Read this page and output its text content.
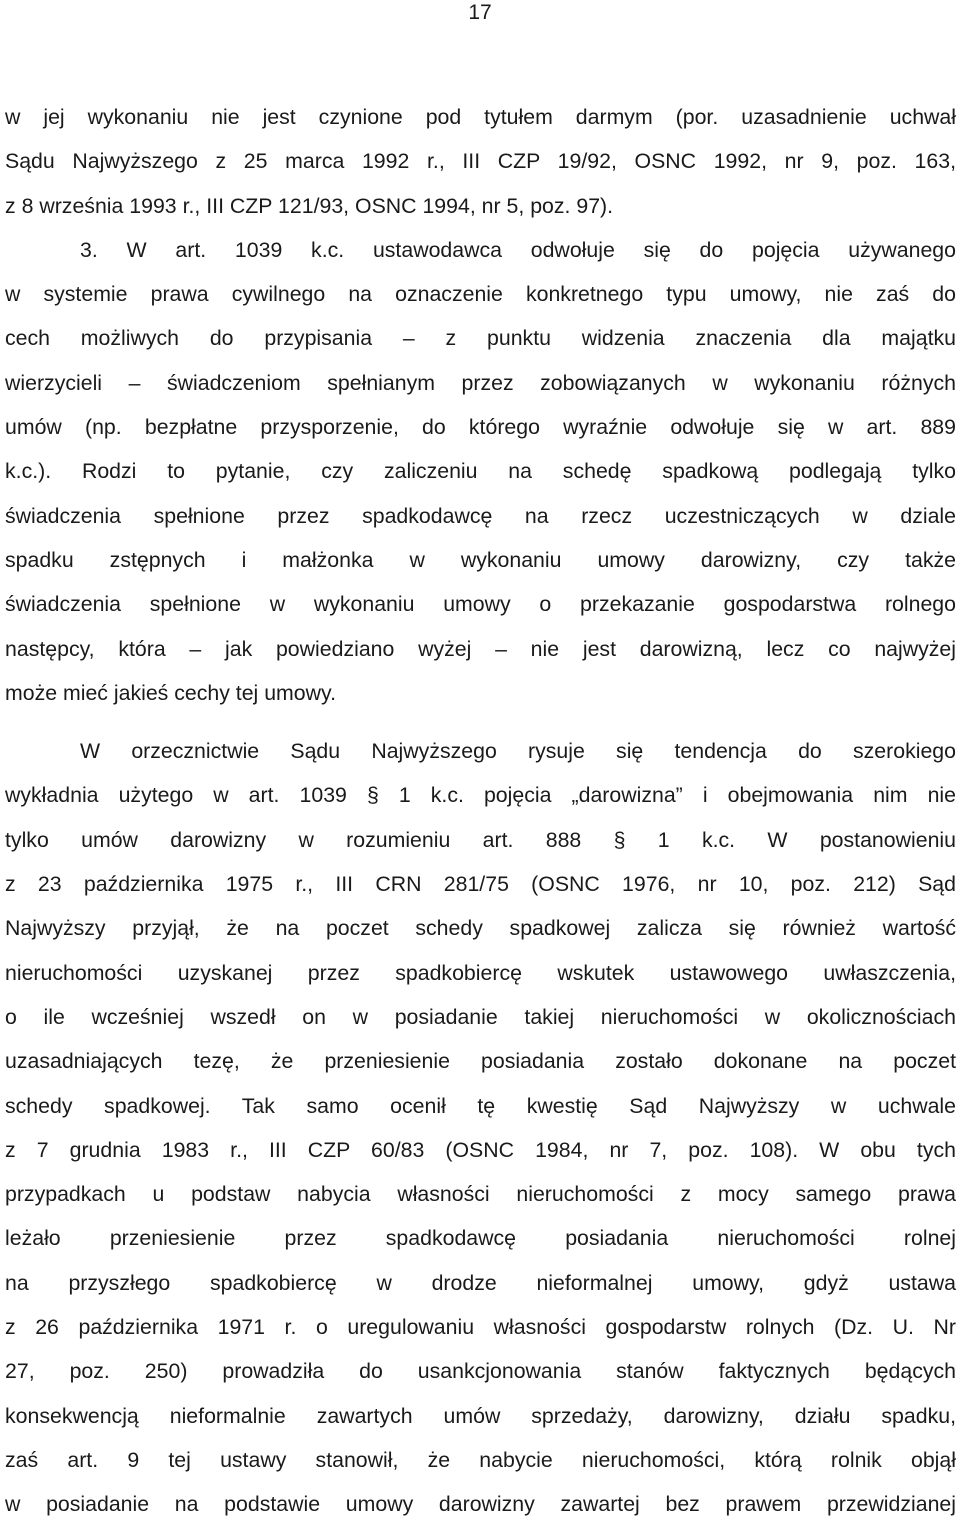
17
w jej wykonaniu nie jest czynione pod tytułem darmym (por. uzasadnienie uchwał
Sądu Najwyższego z 25 marca 1992 r., III CZP 19/92, OSNC 1992, nr 9, poz. 163,
z 8 września 1993 r., III CZP 121/93, OSNC 1994, nr 5, poz. 97).
3. W art. 1039 k.c. ustawodawca odwołuje się do pojęcia używanego
w systemie prawa cywilnego na oznaczenie konkretnego typu umowy, nie zaś do
cech możliwych do przypisania – z punktu widzenia znaczenia dla majątku
wierzycieli – świadczeniom spełnianym przez zobowiązanych w wykonaniu różnych
umów (np. bezpłatne przysporzenie, do którego wyraźnie odwołuje się w art. 889
k.c.). Rodzi to pytanie, czy zaliczeniu na schedę spadkową podlegają tylko
świadczenia spełnione przez spadkodawcę na rzecz uczestniczących w dziale
spadku zstępnych i małżonka w wykonaniu umowy darowizny, czy także
świadczenia spełnione w wykonaniu umowy o przekazanie gospodarstwa rolnego
następcy, która – jak powiedziano wyżej – nie jest darowizną, lecz co najwyżej
może mieć jakieś cechy tej umowy.
W orzecznictwie Sądu Najwyższego rysuje się tendencja do szerokiego
wykładnia użytego w art. 1039 § 1 k.c. pojęcia „darowizna” i obejmowania nim nie
tylko umów darowizny w rozumieniu art. 888 § 1 k.c. W postanowieniu
z 23 października 1975 r., III CRN 281/75 (OSNC 1976, nr 10, poz. 212) Sąd
Najwyższy przyjął, że na poczet schedy spadkowej zalicza się również wartość
nieruchomości uzyskanej przez spadkobiercę wskutek ustawowego uwłaszczenia,
o ile wcześniej wszedł on w posiadanie takiej nieruchomości w okolicznościach
uzasadniających tezę, że przeniesienie posiadania zostało dokonane na poczet
schedy spadkowej. Tak samo ocenił tę kwestię Sąd Najwyższy w uchwale
z 7 grudnia 1983 r., III CZP 60/83 (OSNC 1984, nr 7, poz. 108). W obu tych
przypadkach u podstaw nabycia własności nieruchomości z mocy samego prawa
leżało przeniesienie przez spadkodawcę posiadania nieruchomości rolnej
na przyszłego spadkobiercę w drodze nieformalnej umowy, gdyż ustawa
z 26 października 1971 r. o uregulowaniu własności gospodarstw rolnych (Dz. U. Nr
27, poz. 250) prowadziła do usankcjonowania stanów faktycznych będących
konsekwencją nieformalnie zawartych umów sprzedaży, darowizny, działu spadku,
zaś art. 9 tej ustawy stanowił, że nabycie nieruchomości, którą rolnik objął
w posiadanie na podstawie umowy darowizny zawartej bez prawem przewidzianej
